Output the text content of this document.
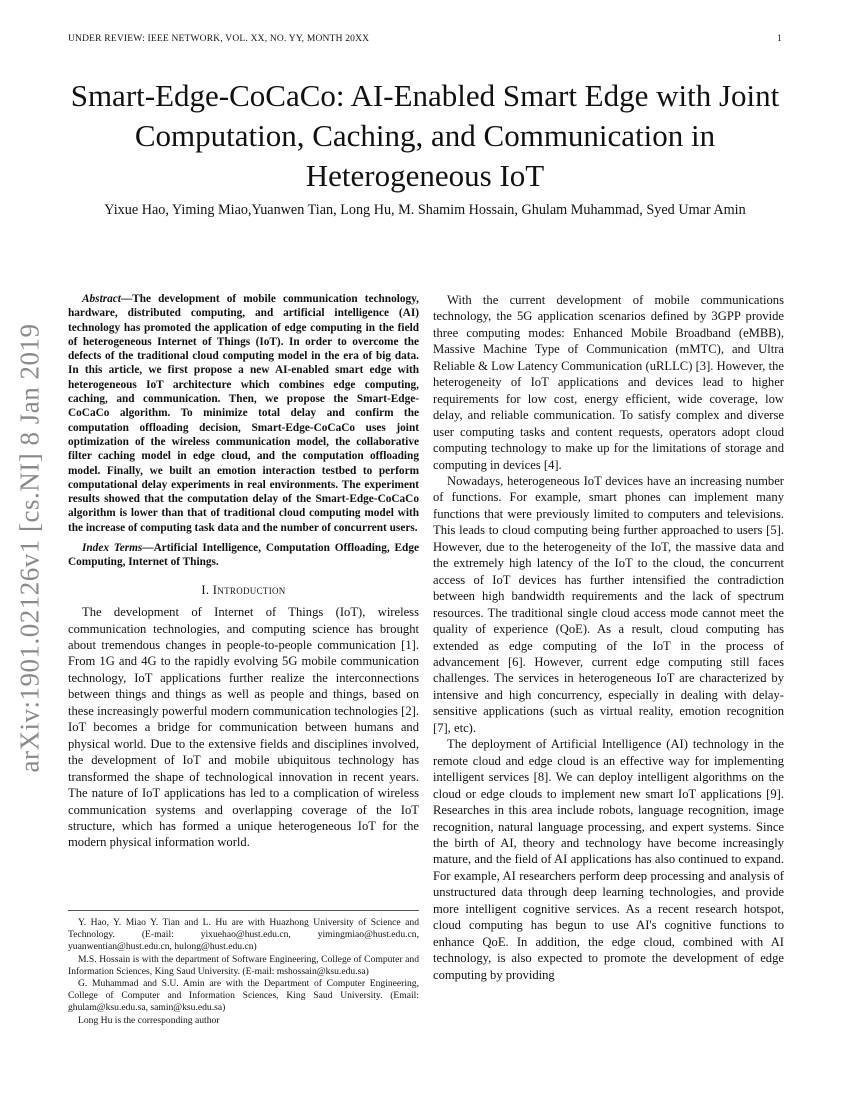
UNDER REVIEW: IEEE NETWORK, VOL. XX, NO. YY, MONTH 20XX	1
arXiv:1901.02126v1 [cs.NI] 8 Jan 2019
Smart-Edge-CoCaCo: AI-Enabled Smart Edge with Joint Computation, Caching, and Communication in Heterogeneous IoT
Yixue Hao, Yiming Miao,Yuanwen Tian, Long Hu, M. Shamim Hossain, Ghulam Muhammad, Syed Umar Amin

Abstract—The development of mobile communication technology, hardware, distributed computing, and artificial intelligence (AI) technology has promoted the application of edge computing in the field of heterogeneous Internet of Things (IoT). In order to overcome the defects of the traditional cloud computing model in the era of big data. In this article, we first propose a new AI-enabled smart edge with heterogeneous IoT architecture which combines edge computing, caching, and communication. Then, we propose the Smart-Edge-CoCaCo algorithm. To minimize total delay and confirm the computation offloading decision, Smart-Edge-CoCaCo uses joint optimization of the wireless communication model, the collaborative filter caching model in edge cloud, and the computation offloading model. Finally, we built an emotion interaction testbed to perform computational delay experiments in real environments. The experiment results showed that the computation delay of the Smart-Edge-CoCaCo algorithm is lower than that of traditional cloud computing model with the increase of computing task data and the number of concurrent users.

Index Terms—Artificial Intelligence, Computation Offloading, Edge Computing, Internet of Things.

I. Introduction

The development of Internet of Things (IoT), wireless communication technologies, and computing science has brought about tremendous changes in people-to-people communication [1]. From 1G and 4G to the rapidly evolving 5G mobile communication technology, IoT applications further realize the interconnections between things and things as well as people and things, based on these increasingly powerful modern communication technologies [2]. IoT becomes a bridge for communication between humans and physical world. Due to the extensive fields and disciplines involved, the development of IoT and mobile ubiquitous technology has transformed the shape of technological innovation in recent years. The nature of IoT applications has led to a complication of wireless communication systems and overlapping coverage of the IoT structure, which has formed a unique heterogeneous IoT for the modern physical information world.

Y. Hao, Y. Miao Y. Tian and L. Hu are with Huazhong University of Science and Technology. (E-mail: yixuehao@hust.edu.cn, yimingmiao@hust.edu.cn, yuanwentian@hust.edu.cn, hulong@hust.edu.cn)

M.S. Hossain is with the department of Software Engineering, College of Computer and Information Sciences, King Saud University. (E-mail: mshossain@ksu.edu.sa)

G. Muhammad and S.U. Amin are with the Department of Computer Engineering, College of Computer and Information Sciences, King Saud University. (Email: ghulam@ksu.edu.sa, samin@ksu.edu.sa)

Long Hu is the corresponding author

With the current development of mobile communications technology, the 5G application scenarios defined by 3GPP provide three computing modes: Enhanced Mobile Broadband (eMBB), Massive Machine Type of Communication (mMTC), and Ultra Reliable & Low Latency Communication (uRLLC) [3]. However, the heterogeneity of IoT applications and devices lead to higher requirements for low cost, energy efficient, wide coverage, low delay, and reliable communication. To satisfy complex and diverse user computing tasks and content requests, operators adopt cloud computing technology to make up for the limitations of storage and computing in devices [4].

Nowadays, heterogeneous IoT devices have an increasing number of functions. For example, smart phones can implement many functions that were previously limited to computers and televisions. This leads to cloud computing being further approached to users [5]. However, due to the heterogeneity of the IoT, the massive data and the extremely high latency of the IoT to the cloud, the concurrent access of IoT devices has further intensified the contradiction between high bandwidth requirements and the lack of spectrum resources. The traditional single cloud access mode cannot meet the quality of experience (QoE). As a result, cloud computing has extended as edge computing of the IoT in the process of advancement [6]. However, current edge computing still faces challenges. The services in heterogeneous IoT are characterized by intensive and high concurrency, especially in dealing with delay-sensitive applications (such as virtual reality, emotion recognition [7], etc).

The deployment of Artificial Intelligence (AI) technology in the remote cloud and edge cloud is an effective way for implementing intelligent services [8]. We can deploy intelligent algorithms on the cloud or edge clouds to implement new smart IoT applications [9]. Researches in this area include robots, language recognition, image recognition, natural language processing, and expert systems. Since the birth of AI, theory and technology have become increasingly mature, and the field of AI applications has also continued to expand. For example, AI researchers perform deep processing and analysis of unstructured data through deep learning technologies, and provide more intelligent cognitive services. As a recent research hotspot, cloud computing has begun to use AI's cognitive functions to enhance QoE. In addition, the edge cloud, combined with AI technology, is also expected to promote the development of edge computing by providing
